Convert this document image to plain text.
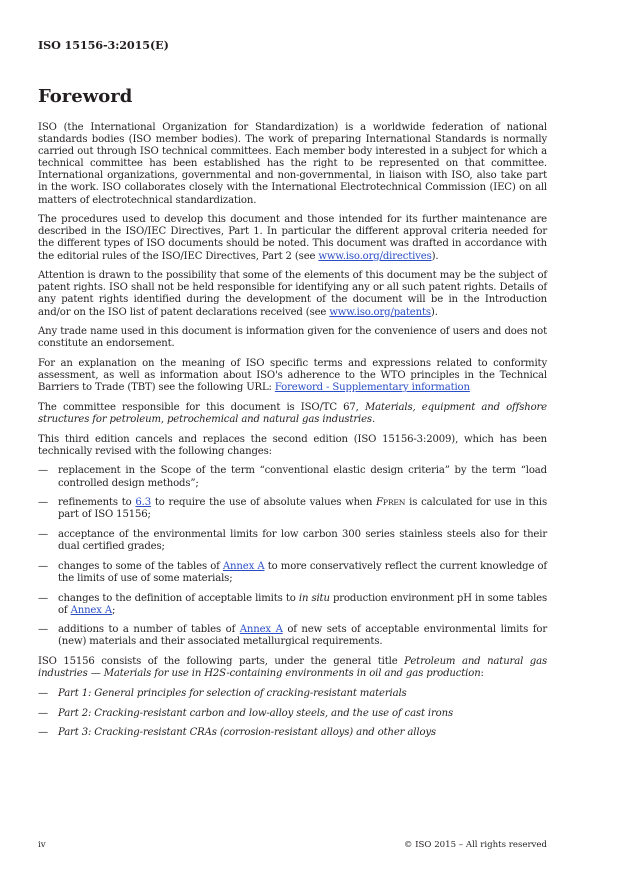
ISO 15156-3:2015(E)
Foreword

ISO (the International Organization for Standardization) is a worldwide federation of national standards bodies (ISO member bodies). The work of preparing International Standards is normally carried out through ISO technical committees. Each member body interested in a subject for which a technical committee has been established has the right to be represented on that committee. International organizations, governmental and non-governmental, in liaison with ISO, also take part in the work. ISO collaborates closely with the International Electrotechnical Commission (IEC) on all matters of electrotechnical standardization.

The procedures used to develop this document and those intended for its further maintenance are described in the ISO/IEC Directives, Part 1. In particular the different approval criteria needed for the different types of ISO documents should be noted. This document was drafted in accordance with the editorial rules of the ISO/IEC Directives, Part 2 (see www.iso.org/directives).

Attention is drawn to the possibility that some of the elements of this document may be the subject of patent rights. ISO shall not be held responsible for identifying any or all such patent rights. Details of any patent rights identified during the development of the document will be in the Introduction and/or on the ISO list of patent declarations received (see www.iso.org/patents).

Any trade name used in this document is information given for the convenience of users and does not constitute an endorsement.

For an explanation on the meaning of ISO specific terms and expressions related to conformity assessment, as well as information about ISO's adherence to the WTO principles in the Technical Barriers to Trade (TBT) see the following URL: Foreword - Supplementary information

The committee responsible for this document is ISO/TC 67, Materials, equipment and offshore structures for petroleum, petrochemical and natural gas industries.

This third edition cancels and replaces the second edition (ISO 15156-3:2009), which has been technically revised with the following changes:

— replacement in the Scope of the term “conventional elastic design criteria” by the term “load controlled design methods”;
— refinements to 6.3 to require the use of absolute values when FPREN is calculated for use in this part of ISO 15156;
— acceptance of the environmental limits for low carbon 300 series stainless steels also for their dual certified grades;
— changes to some of the tables of Annex A to more conservatively reflect the current knowledge of the limits of use of some materials;
— changes to the definition of acceptable limits to in situ production environment pH in some tables of Annex A;
— additions to a number of tables of Annex A of new sets of acceptable environmental limits for (new) materials and their associated metallurgical requirements.

ISO 15156 consists of the following parts, under the general title Petroleum and natural gas industries — Materials for use in H2S-containing environments in oil and gas production:

— Part 1: General principles for selection of cracking-resistant materials
— Part 2: Cracking-resistant carbon and low-alloy steels, and the use of cast irons
— Part 3: Cracking-resistant CRAs (corrosion-resistant alloys) and other alloys
iv	© ISO 2015 – All rights reserved
